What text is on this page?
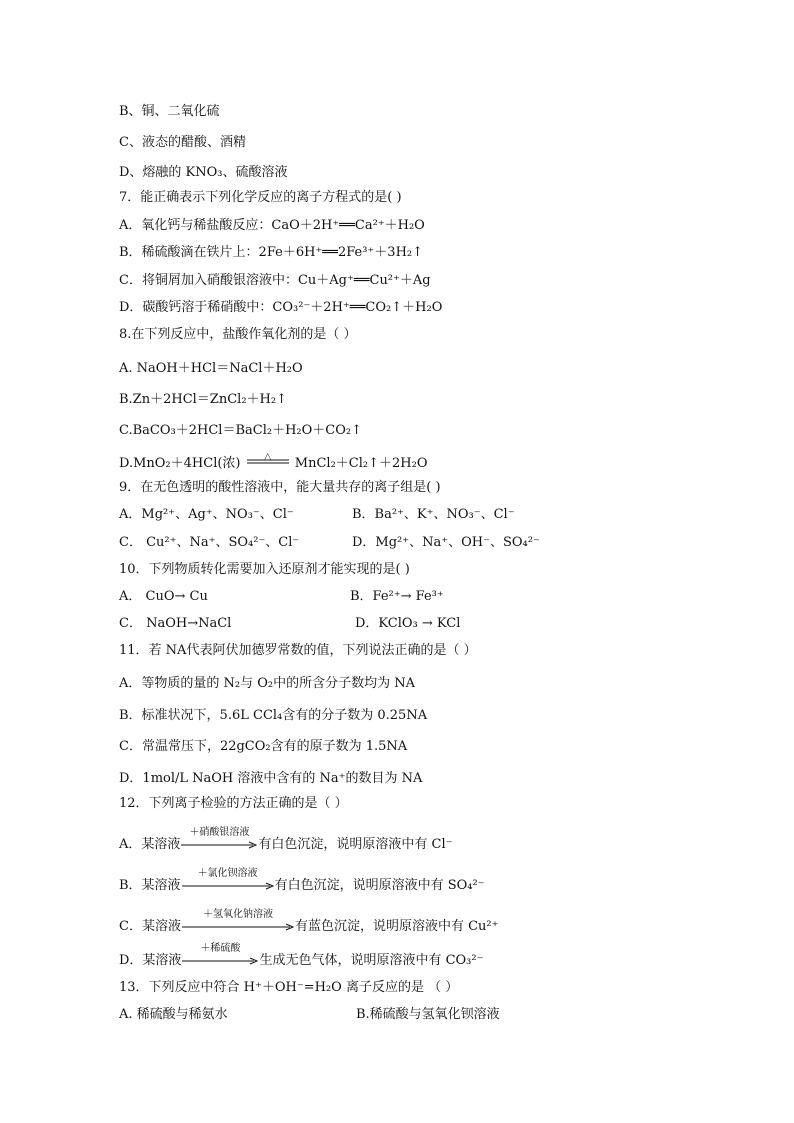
B、铜、二氧化硫
C、液态的醋酸、酒精
D、熔融的 KNO₃、硫酸溶液
7．能正确表示下列化学反应的离子方程式的是( )
A．氧化钙与稀盐酸反应：CaO＋2H⁺══Ca²⁺＋H₂O
B．稀硫酸滴在铁片上：2Fe＋6H⁺══2Fe³⁺＋3H₂↑
C．将铜屑加入硝酸银溶液中：Cu＋Ag⁺══Cu²⁺＋Ag
D．碳酸钙溶于稀硝酸中：CO₃²⁻＋2H⁺══CO₂↑＋H₂O
8.在下列反应中，盐酸作氧化剂的是（ ）
A. NaOH＋HCl＝NaCl＋H₂O
B.Zn＋2HCl＝ZnCl₂＋H₂↑
C.BaCO₃＋2HCl＝BaCl₂＋H₂O＋CO₂↑
D.MnO₂＋4HCl(浓)	△	MnCl₂＋Cl₂↑＋2H₂O
9．在无色透明的酸性溶液中，能大量共存的离子组是( )
A．Mg²⁺、Ag⁺、NO₃⁻、Cl⁻	B．Ba²⁺、K⁺、NO₃⁻、Cl⁻
C． Cu²⁺、Na⁺、SO₄²⁻、Cl⁻	D．Mg²⁺、Na⁺、OH⁻、SO₄²⁻
10．下列物质转化需要加入还原剂才能实现的是( )
A． CuO→ Cu	B．Fe²⁺→ Fe³⁺
C． NaOH→NaCl	D．KClO₃ → KCl
11．若 NA代表阿伏加德罗常数的值，下列说法正确的是（ ）
A．等物质的量的 N₂与 O₂中的所含分子数均为 NA
B．标准状况下，5.6L CCl₄含有的分子数为 0.25NA
C．常温常压下，22gCO₂含有的原子数为 1.5NA
D．1mol/L NaOH 溶液中含有的 Na⁺的数目为 NA
12．下列离子检验的方法正确的是（ ）
A．某溶液
＋硝酸银溶液
有白色沉淀，说明原溶液中有 Cl⁻
B．某溶液
＋氯化钡溶液
有白色沉淀，说明原溶液中有 SO₄²⁻
C．某溶液
＋氢氧化钠溶液
有蓝色沉淀，说明原溶液中有 Cu²⁺
D．某溶液
＋稀硫酸
生成无色气体，说明原溶液中有 CO₃²⁻
13．下列反应中符合 H⁺＋OH⁻=H₂O 离子反应的是 （ ）
A. 稀硫酸与稀氨水	B.稀硫酸与氢氧化钡溶液
